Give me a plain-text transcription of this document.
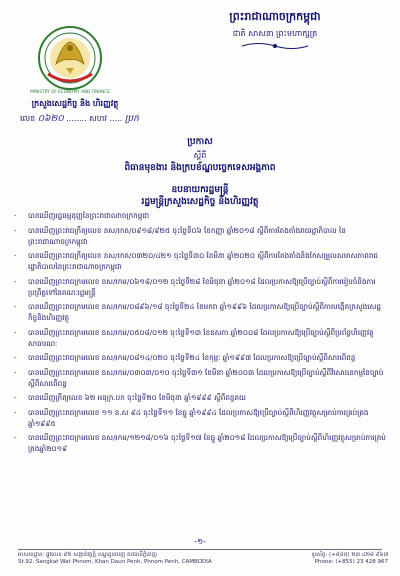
ព្រះរាជាណាចក្រកម្ពុជា
ជាតិ សាសនា ព្រះមហាក្សត្រ
MINISTRY OF ECONOMY AND FINANCE
ក្រសួងសេដ្ឋកិច្ច និង ហិរញ្ញវត្ថុ
លេខ ០៦២០ ........ សហវ ..... ប្រក
ប្រកាស
ស្តីពី
ពិធានមុខងារ និងក្របខ័ណ្ឌបច្ចេកទេសអង្គភាព
ឧបនាយករដ្ឋមន្ត្រី
រដ្ឋមន្ត្រីក្រសួងសេដ្ឋកិច្ច និងហិរញ្ញវត្ថុ
- បានឃើញរដ្ឋធម្មនុញ្ញនៃព្រះរាជាណាចក្រកម្ពុជា
- បានឃើញព្រះរាជក្រឹត្យលេខ នស/រកត/០៩១៨/៩២៥ ចុះថ្ងៃទី០៦ ខែកញ្ញា ឆ្នាំ២០១៨ ស្តីពីការតែងតាំងរាជរដ្ឋាភិបាល នៃព្រះរាជាណាចក្រកម្ពុជា
- បានឃើញព្រះរាជក្រឹត្យលេខ នស/រកត/០៣២០/៤២១ ចុះថ្ងៃទី៣០ ខែមីនា ឆ្នាំ២០២០ ស្តីពីការតែងតាំងនិងកែសម្រួលសមាសភាពរាជរដ្ឋាភិបាលនៃព្រះរាជាណាចក្រកម្ពុជា
- បានឃើញព្រះរាជក្រមលេខ នស/រកម/០៦១៨/០១២ ចុះថ្ងៃទី២៨ ខែមិថុនា ឆ្នាំ២០១៨ ដែលប្រកាសឱ្យប្រើច្បាប់ស្តីពីការរៀបចំនិងការប្រព្រឹត្តទៅនៃគណៈរដ្ឋមន្ត្រី
- បានឃើញព្រះរាជក្រមលេខ នស/រកម/០៨៩៦/១៨ ចុះថ្ងៃទី២៤ ខែមករា ឆ្នាំ១៩៩៦ ដែលប្រកាសឱ្យប្រើច្បាប់ស្តីពីការបង្កើតក្រសួងសេដ្ឋកិច្ចនិងហិរញ្ញវត្ថុ
- បានឃើញព្រះរាជក្រមលេខ នស/រកម/០៥០៨/០១២ ចុះថ្ងៃទី១៣ ខែឧសភា ឆ្នាំ២០០៨ ដែលប្រកាសឱ្យប្រើច្បាប់ស្តីពីប្រព័ន្ធហិរញ្ញវត្ថុសាធារណៈ
- បានឃើញព្រះរាជក្រមលេខ នស/រកម/០៨១៤/០២០ ចុះថ្ងៃទី២៤ ខែកុម្ភៈ ឆ្នាំ១៩៩៧ ដែលប្រកាសឱ្យប្រើច្បាប់ស្តីពីសារពើពន្ធ
- បានឃើញព្រះរាជក្រមលេខ នស/រកម/០៣០៣/០១០ ចុះថ្ងៃទី៣១ ខែមីនា ឆ្នាំ២០០៣ ដែលប្រកាសឱ្យប្រើច្បាប់ស្តីពីវិសោធនកម្មនៃច្បាប់ស្តីពីសារពើពន្ធ
- បានឃើញក្រឹត្យលេខ ៦២ អនុក្រ.បក ចុះថ្ងៃទី២០ ខែមិថុនា ឆ្នាំ១៩៩៩ ស្តីពីពន្ធគយ
- បានឃើញព្រះរាជក្រមលេខ ១១ ន.ស ៩៤ ចុះថ្ងៃទី១១ ខែធ្នូ ឆ្នាំ១៩៩៤ ដែលប្រកាសឱ្យប្រើច្បាប់ស្តីពីហិរញ្ញវត្ថុសម្រាប់ការគ្រប់គ្រងឆ្នាំ១៩៩៥
- បានឃើញព្រះរាជក្រមលេខ នស/រកម/១២១៨/០១៦ ចុះថ្ងៃទី១៧ ខែធ្នូ ឆ្នាំ២០១៨ ដែលប្រកាសឱ្យប្រើច្បាប់ស្តីពីហិរញ្ញវត្ថុសម្រាប់ការគ្រប់គ្រងឆ្នាំ២០១៩
-១-
អាសយដ្ឋាន: ផ្លូវលេខ ៩២ សង្កាត់វត្តភ្នំ ខណ្ឌដូនពេញ រាជធានីភ្នំពេញ
St.92, Sangkat Wat Phnom, Khan Daun Penh, Phnom Penh, CAMBODIA
ទូរស័ព្ទ: (+៨៥៥) ២៣ ៤២៨ ៩៦៧
Phone: (+855) 23 428 967
